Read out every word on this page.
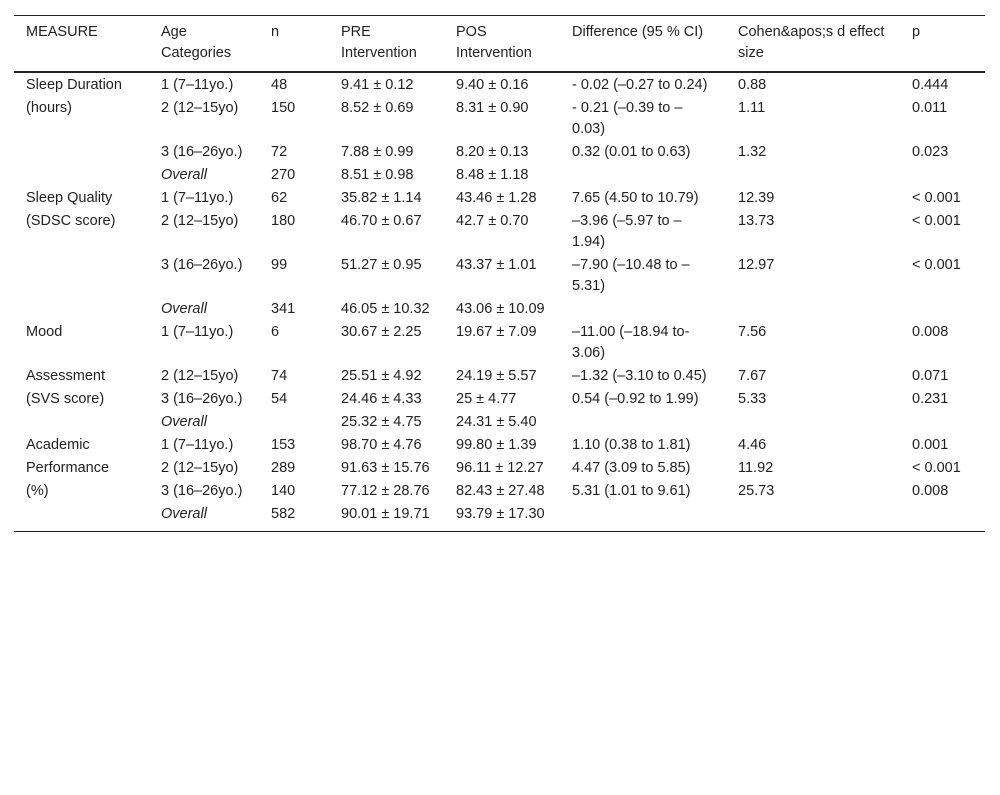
MEASURE	Age Categories	n	PRE Intervention	POS Intervention	Difference (95 % CI)	Cohen&apos;s d effect size	p
Sleep Duration	1 (7–11yo.)	48	9.41 ± 0.12	9.40 ± 0.16	- 0.02 (‒0.27 to 0.24)	0.88	0.444
(hours)	2 (12–15yo)	150	8.52 ± 0.69	8.31 ± 0.90	- 0.21 (‒0.39 to ‒0.03)	1.11	0.011
	3 (16–26yo.)	72	7.88 ± 0.99	8.20 ± 0.13	0.32 (0.01 to 0.63)	1.32	0.023
	Overall	270	8.51 ± 0.98	8.48 ± 1.18			
Sleep Quality	1 (7–11yo.)	62	35.82 ± 1.14	43.46 ± 1.28	7.65 (4.50 to 10.79)	12.39	< 0.001
(SDSC score)	2 (12–15yo)	180	46.70 ± 0.67	42.7 ± 0.70	‒3.96 (‒5.97 to ‒1.94)	13.73	< 0.001
	3 (16–26yo.)	99	51.27 ± 0.95	43.37 ± 1.01	‒7.90 (‒10.48 to ‒5.31)	12.97	< 0.001
	Overall	341	46.05 ± 10.32	43.06 ± 10.09			
Mood	1 (7–11yo.)	6	30.67 ± 2.25	19.67 ± 7.09	‒11.00 (‒18.94 to-3.06)	7.56	0.008
Assessment	2 (12–15yo)	74	25.51 ± 4.92	24.19 ± 5.57	‒1.32 (‒3.10 to 0.45)	7.67	0.071
(SVS score)	3 (16–26yo.)	54	24.46 ± 4.33	25 ± 4.77	0.54 (‒0.92 to 1.99)	5.33	0.231
	Overall		25.32 ± 4.75	24.31 ± 5.40			
Academic	1 (7–11yo.)	153	98.70 ± 4.76	99.80 ± 1.39	1.10 (0.38 to 1.81)	4.46	0.001
Performance	2 (12–15yo)	289	91.63 ± 15.76	96.11 ± 12.27	4.47 (3.09 to 5.85)	11.92	< 0.001
(%)	3 (16–26yo.)	140	77.12 ± 28.76	82.43 ± 27.48	5.31 (1.01 to 9.61)	25.73	0.008
	Overall	582	90.01 ± 19.71	93.79 ± 17.30			
